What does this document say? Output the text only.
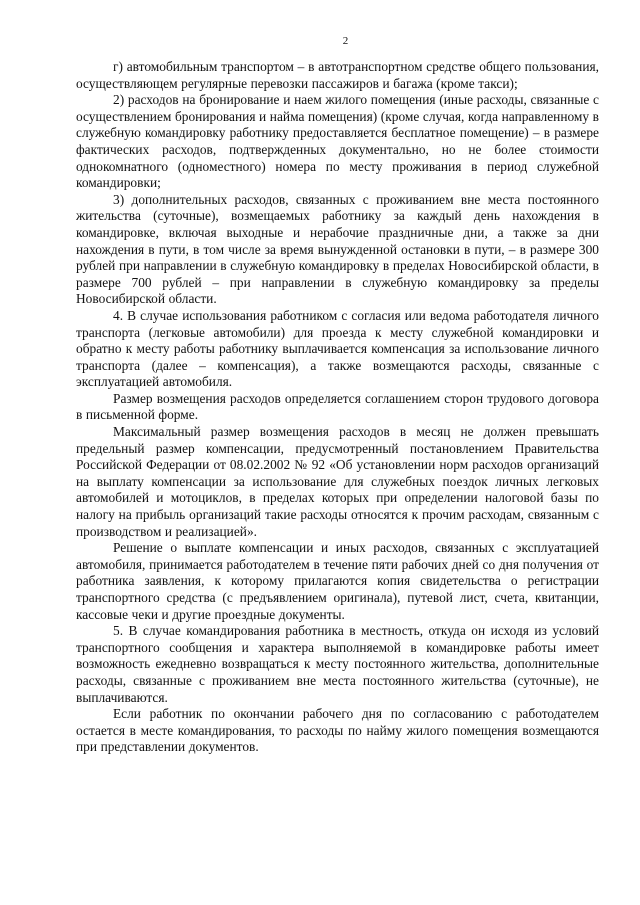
2

г) автомобильным транспортом – в автотранспортном средстве общего пользования, осуществляющем регулярные перевозки пассажиров и багажа (кроме такси);

2) расходов на бронирование и наем жилого помещения (иные расходы, связанные с осуществлением бронирования и найма помещения) (кроме случая, когда направленному в служебную командировку работнику предоставляется бесплатное помещение) – в размере фактических расходов, подтвержденных документально, но не более стоимости однокомнатного (одноместного) номера по месту проживания в период служебной командировки;

3) дополнительных расходов, связанных с проживанием вне места постоянного жительства (суточные), возмещаемых работнику за каждый день нахождения в командировке, включая выходные и нерабочие праздничные дни, а также за дни нахождения в пути, в том числе за время вынужденной остановки в пути, – в размере 300 рублей при направлении в служебную командировку в пределах Новосибирской области, в размере 700 рублей – при направлении в служебную командировку за пределы Новосибирской области.

4. В случае использования работником с согласия или ведома работодателя личного транспорта (легковые автомобили) для проезда к месту служебной командировки и обратно к месту работы работнику выплачивается компенсация за использование личного транспорта (далее – компенсация), а также возмещаются расходы, связанные с эксплуатацией автомобиля.

Размер возмещения расходов определяется соглашением сторон трудового договора в письменной форме.

Максимальный размер возмещения расходов в месяц не должен превышать предельный размер компенсации, предусмотренный постановлением Правительства Российской Федерации от 08.02.2002 № 92 «Об установлении норм расходов организаций на выплату компенсации за использование для служебных поездок личных легковых автомобилей и мотоциклов, в пределах которых при определении налоговой базы по налогу на прибыль организаций такие расходы относятся к прочим расходам, связанным с производством и реализацией».

Решение о выплате компенсации и иных расходов, связанных с эксплуатацией автомобиля, принимается работодателем в течение пяти рабочих дней со дня получения от работника заявления, к которому прилагаются копия свидетельства о регистрации транспортного средства (с предъявлением оригинала), путевой лист, счета, квитанции, кассовые чеки и другие проездные документы.

5. В случае командирования работника в местность, откуда он исходя из условий транспортного сообщения и характера выполняемой в командировке работы имеет возможность ежедневно возвращаться к месту постоянного жительства, дополнительные расходы, связанные с проживанием вне места постоянного жительства (суточные), не выплачиваются.

Если работник по окончании рабочего дня по согласованию с работодателем остается в месте командирования, то расходы по найму жилого помещения возмещаются при представлении документов.
